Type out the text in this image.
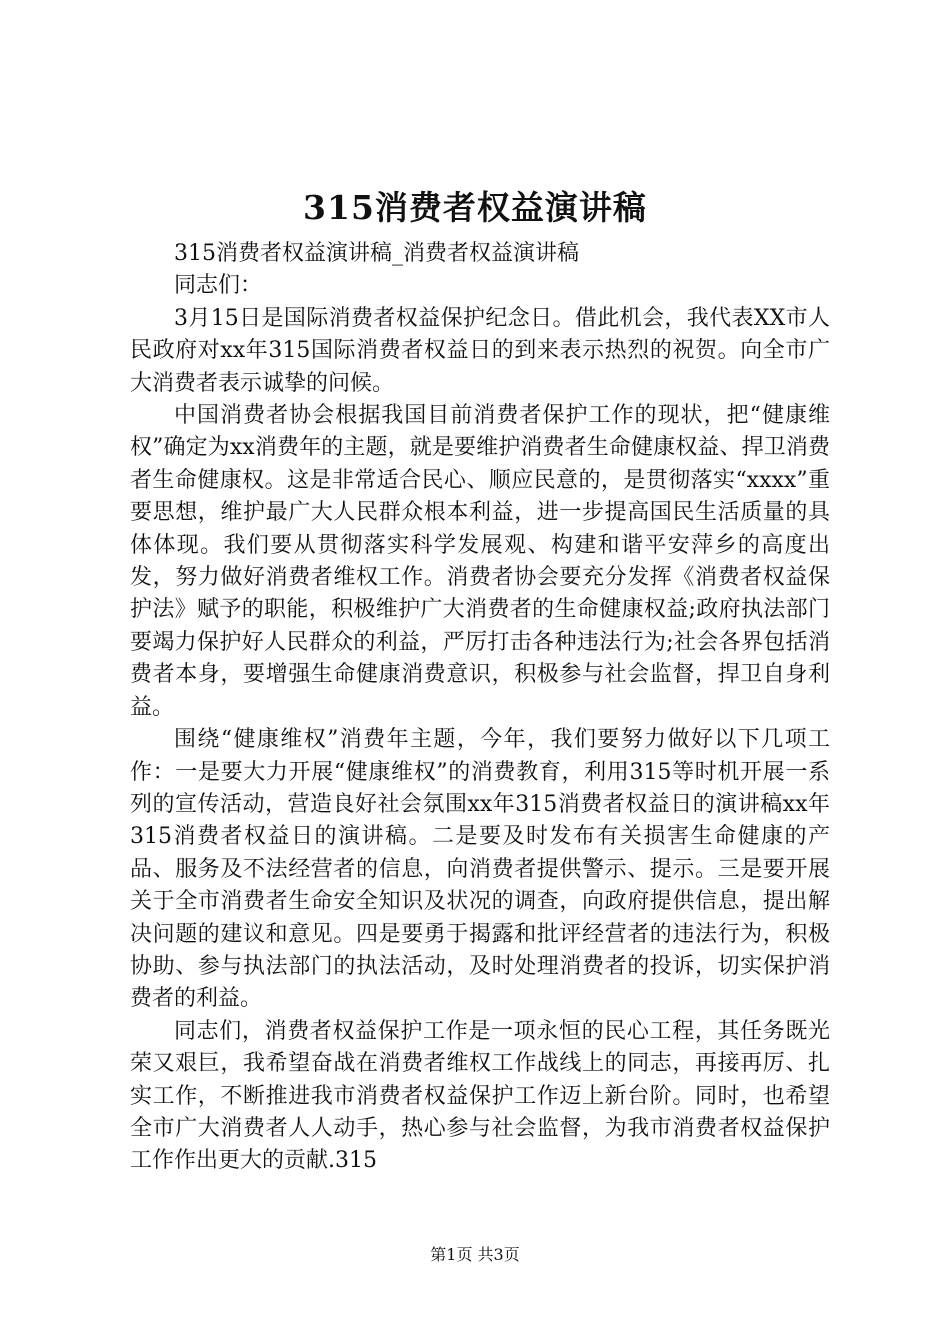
315消费者权益演讲稿

315消费者权益演讲稿_消费者权益演讲稿

同志们：

3月15日是国际消费者权益保护纪念日。借此机会，我代表XX市人民政府对xx年315国际消费者权益日的到来表示热烈的祝贺。向全市广大消费者表示诚挚的问候。

中国消费者协会根据我国目前消费者保护工作的现状，把“健康维权”确定为xx消费年的主题，就是要维护消费者生命健康权益、捍卫消费者生命健康权。这是非常适合民心、顺应民意的，是贯彻落实“xxxx”重要思想，维护最广大人民群众根本利益，进一步提高国民生活质量的具体体现。我们要从贯彻落实科学发展观、构建和谐平安萍乡的高度出发，努力做好消费者维权工作。消费者协会要充分发挥《消费者权益保护法》赋予的职能，积极维护广大消费者的生命健康权益;政府执法部门要竭力保护好人民群众的利益，严厉打击各种违法行为;社会各界包括消费者本身，要增强生命健康消费意识，积极参与社会监督，捍卫自身利益。

围绕“健康维权”消费年主题，今年，我们要努力做好以下几项工作：一是要大力开展“健康维权”的消费教育，利用315等时机开展一系列的宣传活动，营造良好社会氛围xx年315消费者权益日的演讲稿xx年315消费者权益日的演讲稿。二是要及时发布有关损害生命健康的产品、服务及不法经营者的信息，向消费者提供警示、提示。三是要开展关于全市消费者生命安全知识及状况的调查，向政府提供信息，提出解决问题的建议和意见。四是要勇于揭露和批评经营者的违法行为，积极协助、参与执法部门的执法活动，及时处理消费者的投诉，切实保护消费者的利益。

同志们，消费者权益保护工作是一项永恒的民心工程，其任务既光荣又艰巨，我希望奋战在消费者维权工作战线上的同志，再接再厉、扎实工作，不断推进我市消费者权益保护工作迈上新台阶。同时，也希望全市广大消费者人人动手，热心参与社会监督，为我市消费者权益保护工作作出更大的贡献.315

第1页 共3页
